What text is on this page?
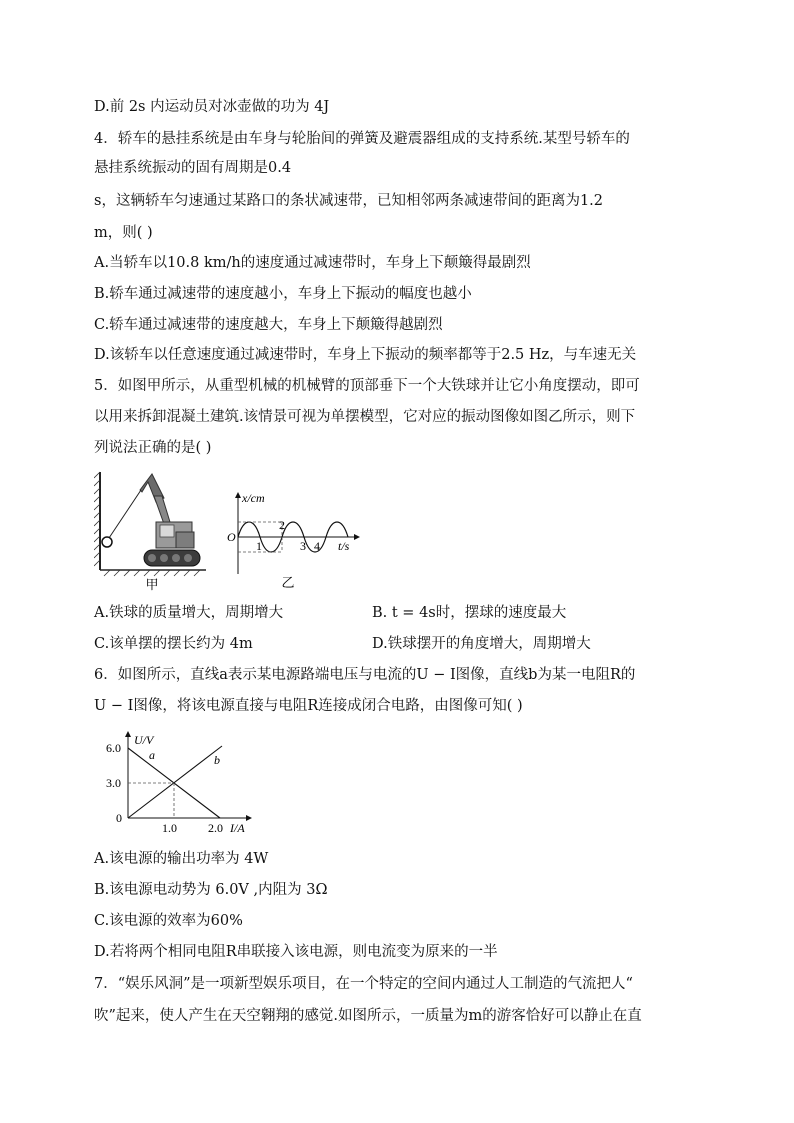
D.前 2s 内运动员对冰壶做的功为 4J
4．轿车的悬挂系统是由车身与轮胎间的弹簧及避震器组成的支持系统.某型号轿车的
悬挂系统振动的固有周期是0.4
s，这辆轿车匀速通过某路口的条状减速带，已知相邻两条减速带间的距离为1.2
m，则( )
A.当轿车以10.8 km/h的速度通过减速带时，车身上下颠簸得最剧烈
B.轿车通过减速带的速度越小，车身上下振动的幅度也越小
C.轿车通过减速带的速度越大，车身上下颠簸得越剧烈
D.该轿车以任意速度通过减速带时，车身上下振动的频率都等于2.5 Hz，与车速无关
5．如图甲所示，从重型机械的机械臂的顶部垂下一个大铁球并让它小角度摆动，即可
以用来拆卸混凝土建筑.该情景可视为单摆模型，它对应的振动图像如图乙所示，则下
列说法正确的是( )
甲
x/cm
t/s
O
2
1	3 4
乙
A.铁球的质量增大，周期增大	B. t = 4s时，摆球的速度最大
C.该单摆的摆长约为 4m	D.铁球摆开的角度增大，周期增大
6．如图所示，直线a表示某电源路端电压与电流的U − I图像，直线b为某一电阻R的
U − I图像，将该电源直接与电阻R连接成闭合电路，由图像可知( )
U/V
I/A
6.0
3.0
0
1.0	2.0
a	b
A.该电源的输出功率为 4W
B.该电源电动势为 6.0V ,内阻为 3Ω
C.该电源的效率为60%
D.若将两个相同电阻R串联接入该电源，则电流变为原来的一半
7．“娱乐风洞”是一项新型娱乐项目，在一个特定的空间内通过人工制造的气流把人“
吹”起来，使人产生在天空翱翔的感觉.如图所示，一质量为m的游客恰好可以静止在直
